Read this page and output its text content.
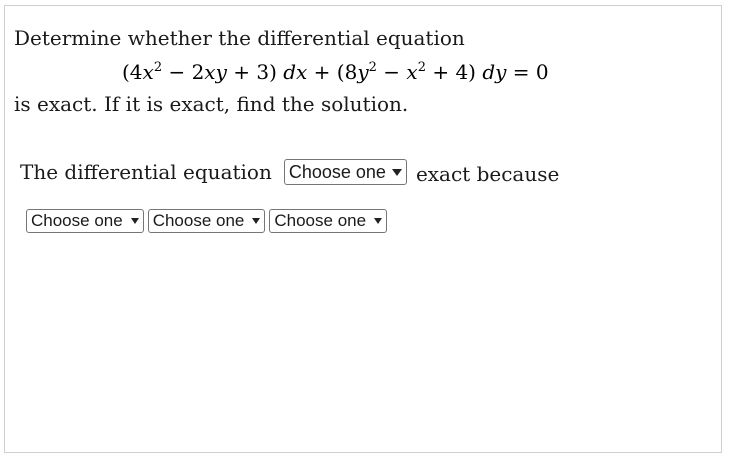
Determine whether the differential equation
$(4x^2 - 2xy + 3)$ dx + $(8y^2 - x^2 + 4)$ dy = 0
is exact. If it is exact, find the solution.
The differential equation Choose one exact because
Choose one Choose one Choose one
